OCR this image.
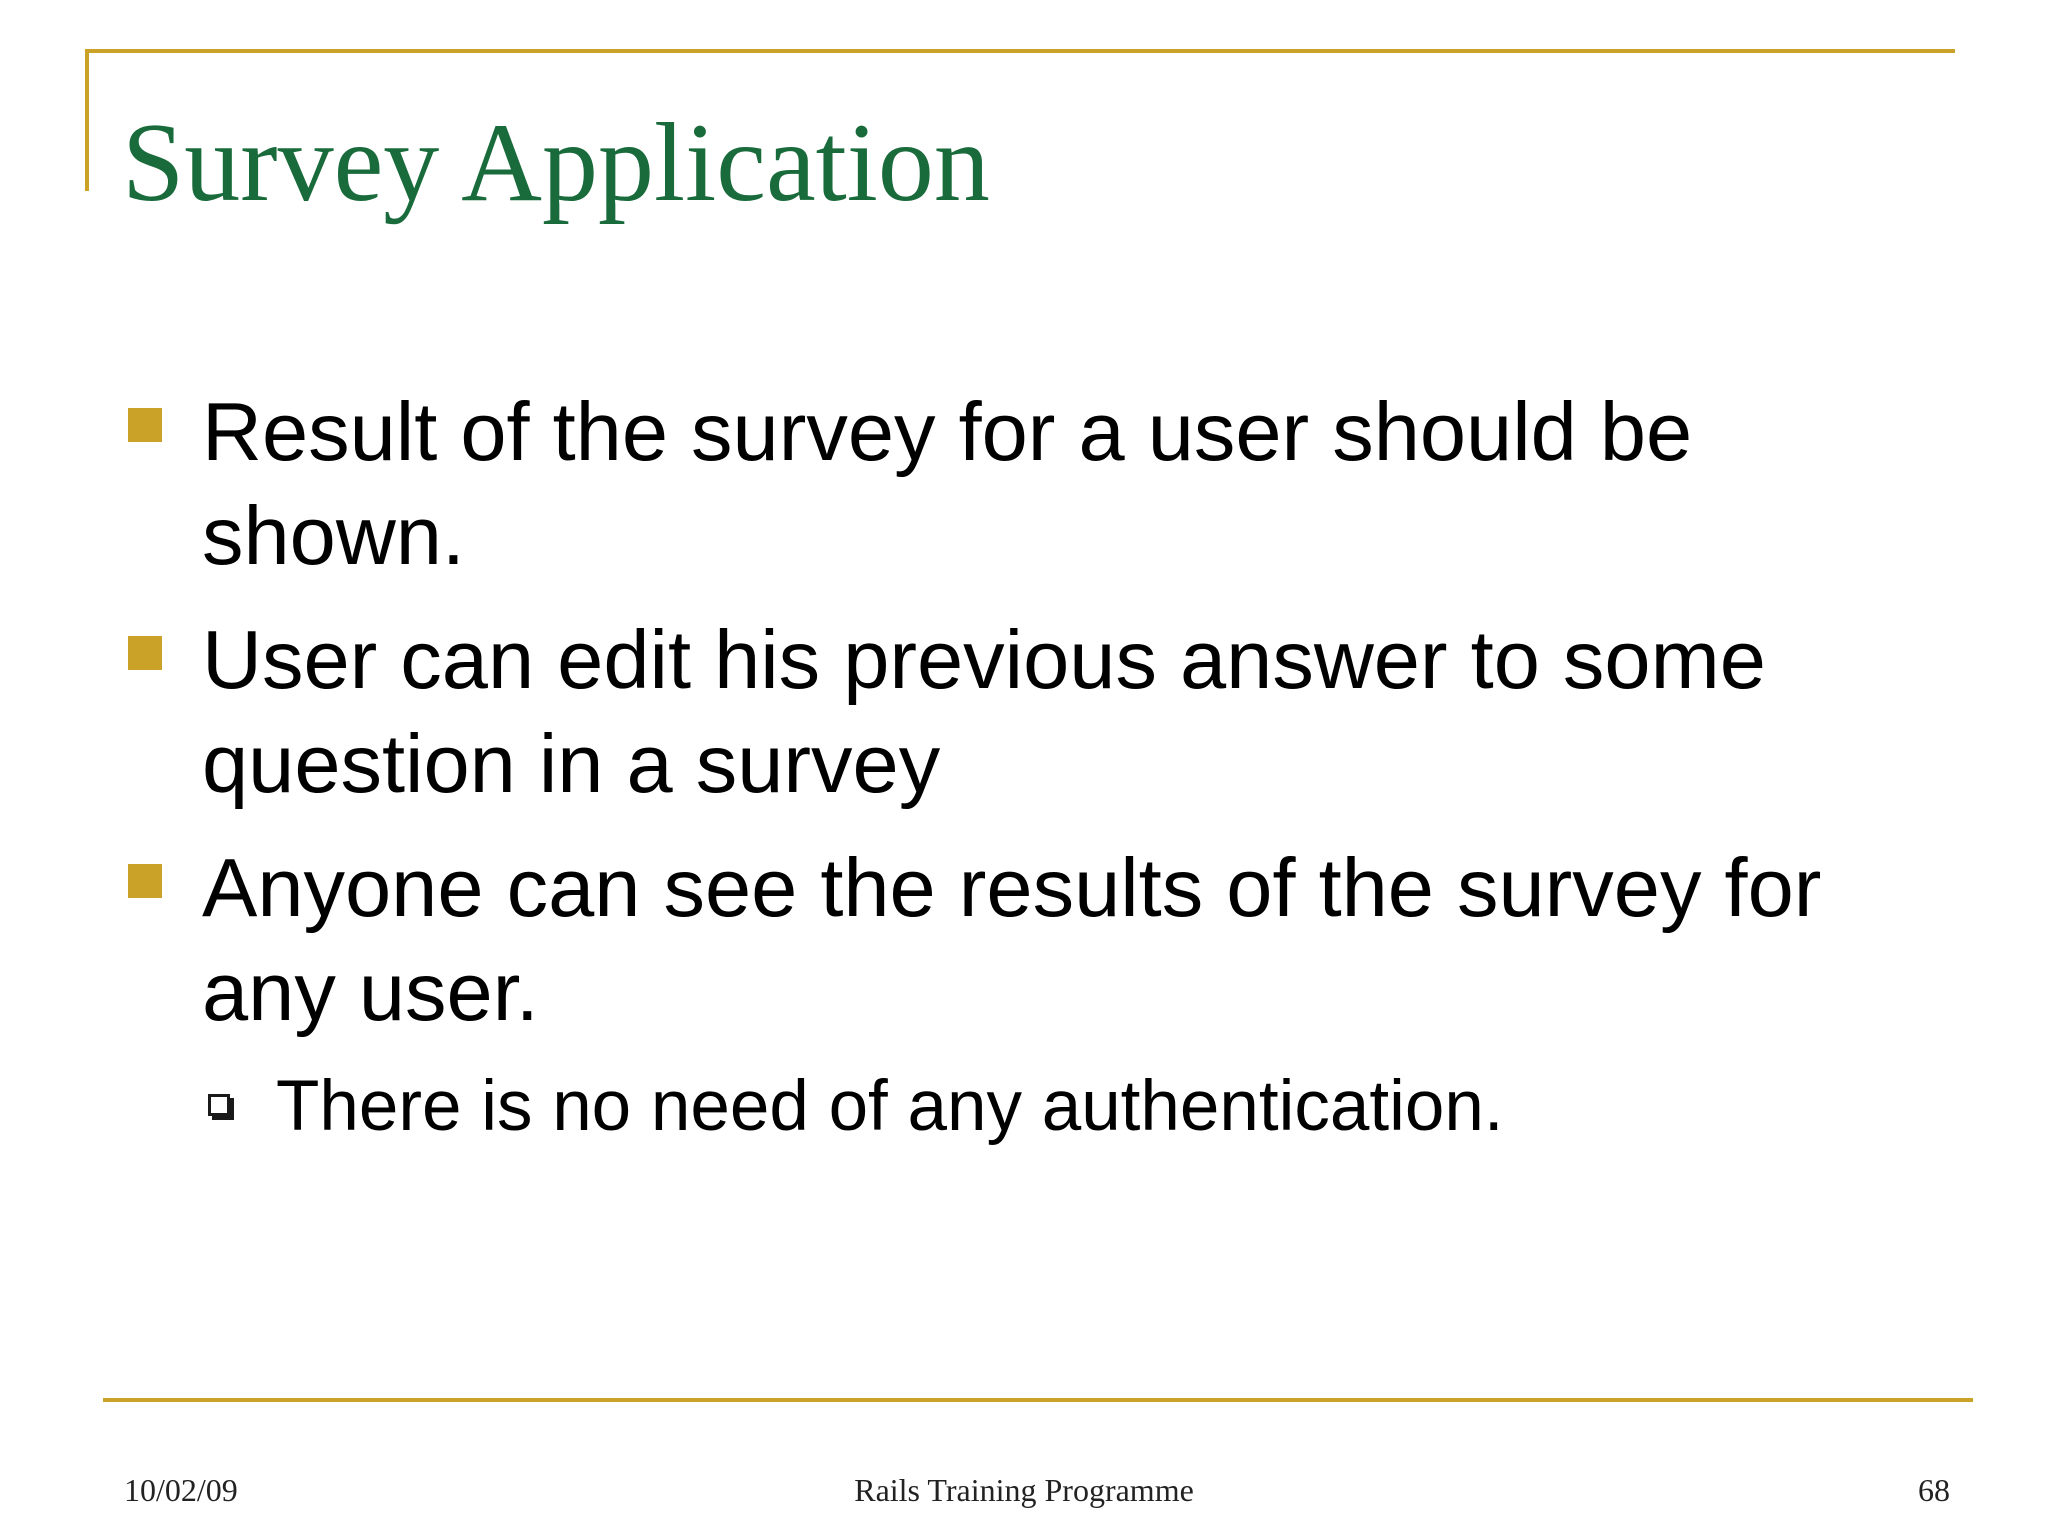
Survey Application
Result of the survey for a user should be shown.
User can edit his previous answer to some question in a survey
Anyone can see the results of the survey for any user.
There is no need of any authentication.
10/02/09	Rails Training Programme	68
